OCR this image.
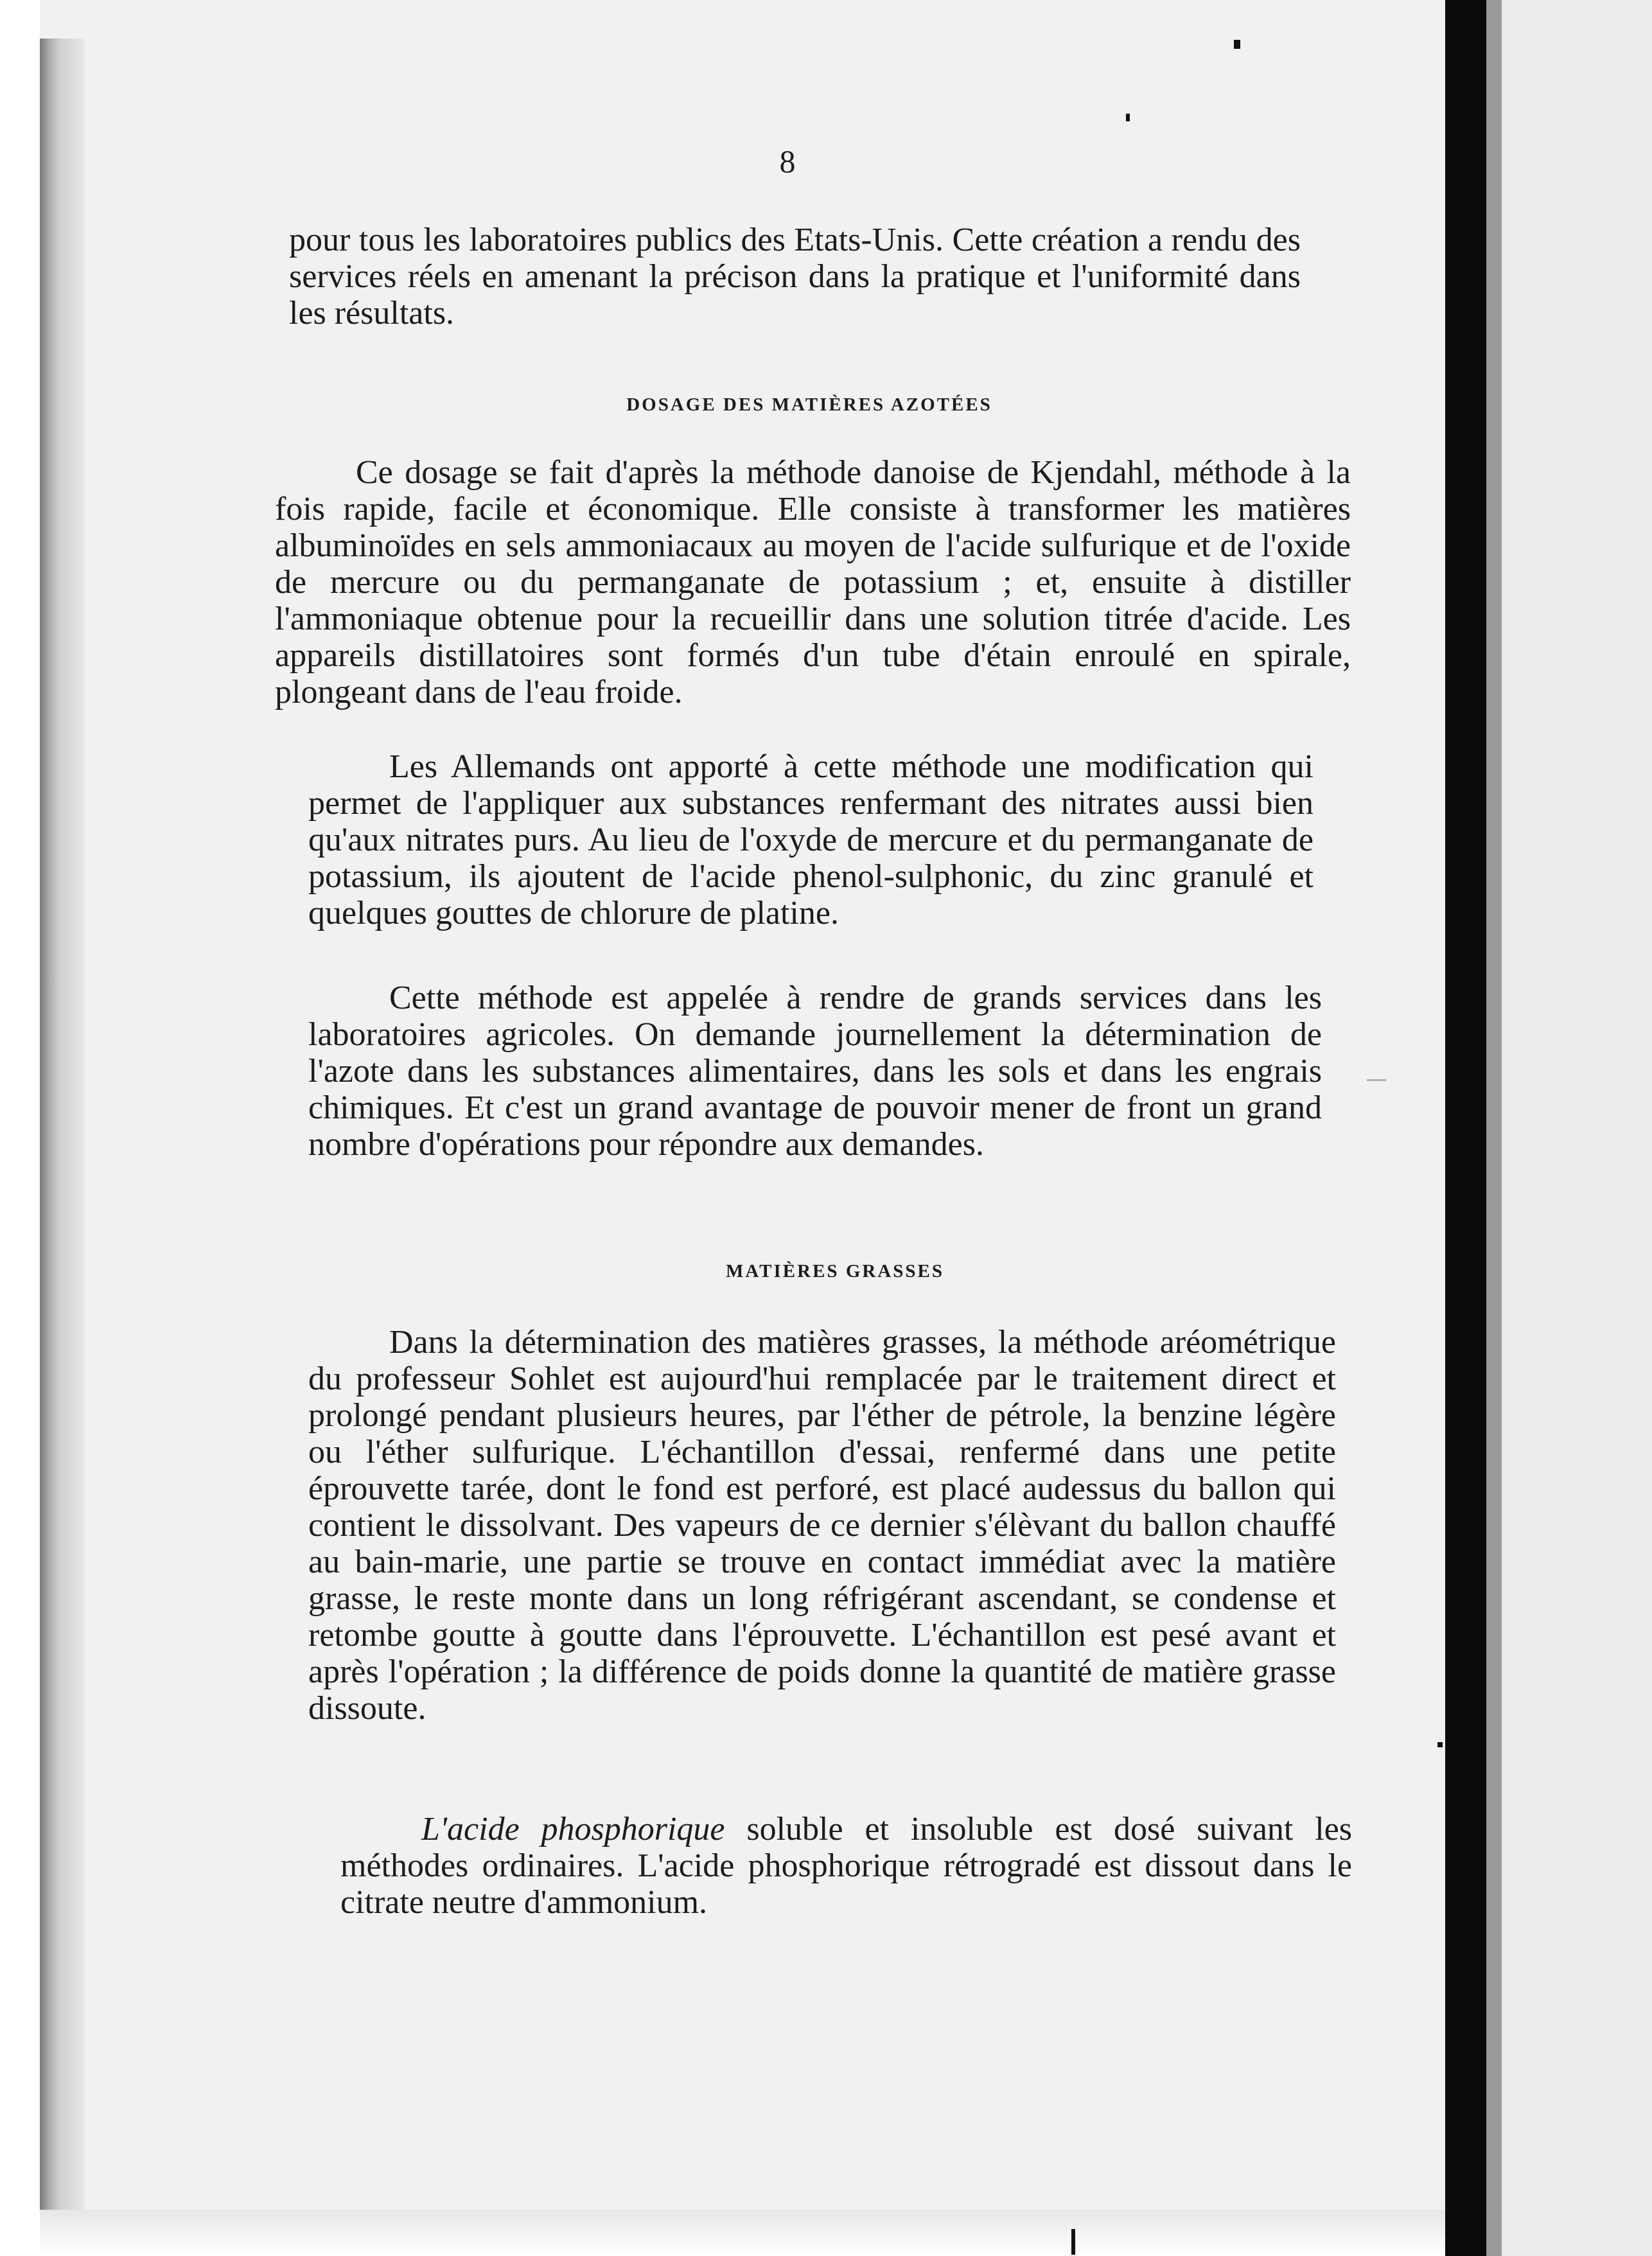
8

pour tous les laboratoires publics des Etats-Unis. Cette création a rendu des services réels en amenant la précison dans la pratique et l'uniformité dans les résultats.

DOSAGE DES MATIÈRES AZOTÉES

Ce dosage se fait d'après la méthode danoise de Kjendahl, méthode à la fois rapide, facile et économique. Elle consiste à transformer les matières albuminoïdes en sels ammoniacaux au moyen de l'acide sulfurique et de l'oxide de mercure ou du permanganate de potassium ; et, ensuite à distiller l'ammoniaque obtenue pour la recueillir dans une solution titrée d'acide. Les appareils distillatoires sont formés d'un tube d'étain enroulé en spirale, plongeant dans de l'eau froide.

Les Allemands ont apporté à cette méthode une modification qui permet de l'appliquer aux substances renfermant des nitrates aussi bien qu'aux nitrates purs. Au lieu de l'oxyde de mercure et du permanganate de potassium, ils ajoutent de l'acide phenol-sulphonic, du zinc granulé et quelques gouttes de chlorure de platine.

Cette méthode est appelée à rendre de grands services dans les laboratoires agricoles. On demande journellement la détermination de l'azote dans les substances alimentaires, dans les sols et dans les engrais chimiques. Et c'est un grand avantage de pouvoir mener de front un grand nombre d'opérations pour répondre aux demandes.

MATIÈRES GRASSES

Dans la détermination des matières grasses, la méthode aréométrique du professeur Sohlet est aujourd'hui remplacée par le traitement direct et prolongé pendant plusieurs heures, par l'éther de pétrole, la benzine légère ou l'éther sulfurique. L'échantillon d'essai, renfermé dans une petite éprouvette tarée, dont le fond est perforé, est placé audessus du ballon qui contient le dissolvant. Des vapeurs de ce dernier s'élèvant du ballon chauffé au bain-marie, une partie se trouve en contact immédiat avec la matière grasse, le reste monte dans un long réfrigérant ascendant, se condense et retombe goutte à goutte dans l'éprouvette. L'échantillon est pesé avant et après l'opération ; la différence de poids donne la quantité de matière grasse dissoute.

L'acide phosphorique soluble et insoluble est dosé suivant les méthodes ordinaires. L'acide phosphorique rétrogradé est dissout dans le citrate neutre d'ammonium.
